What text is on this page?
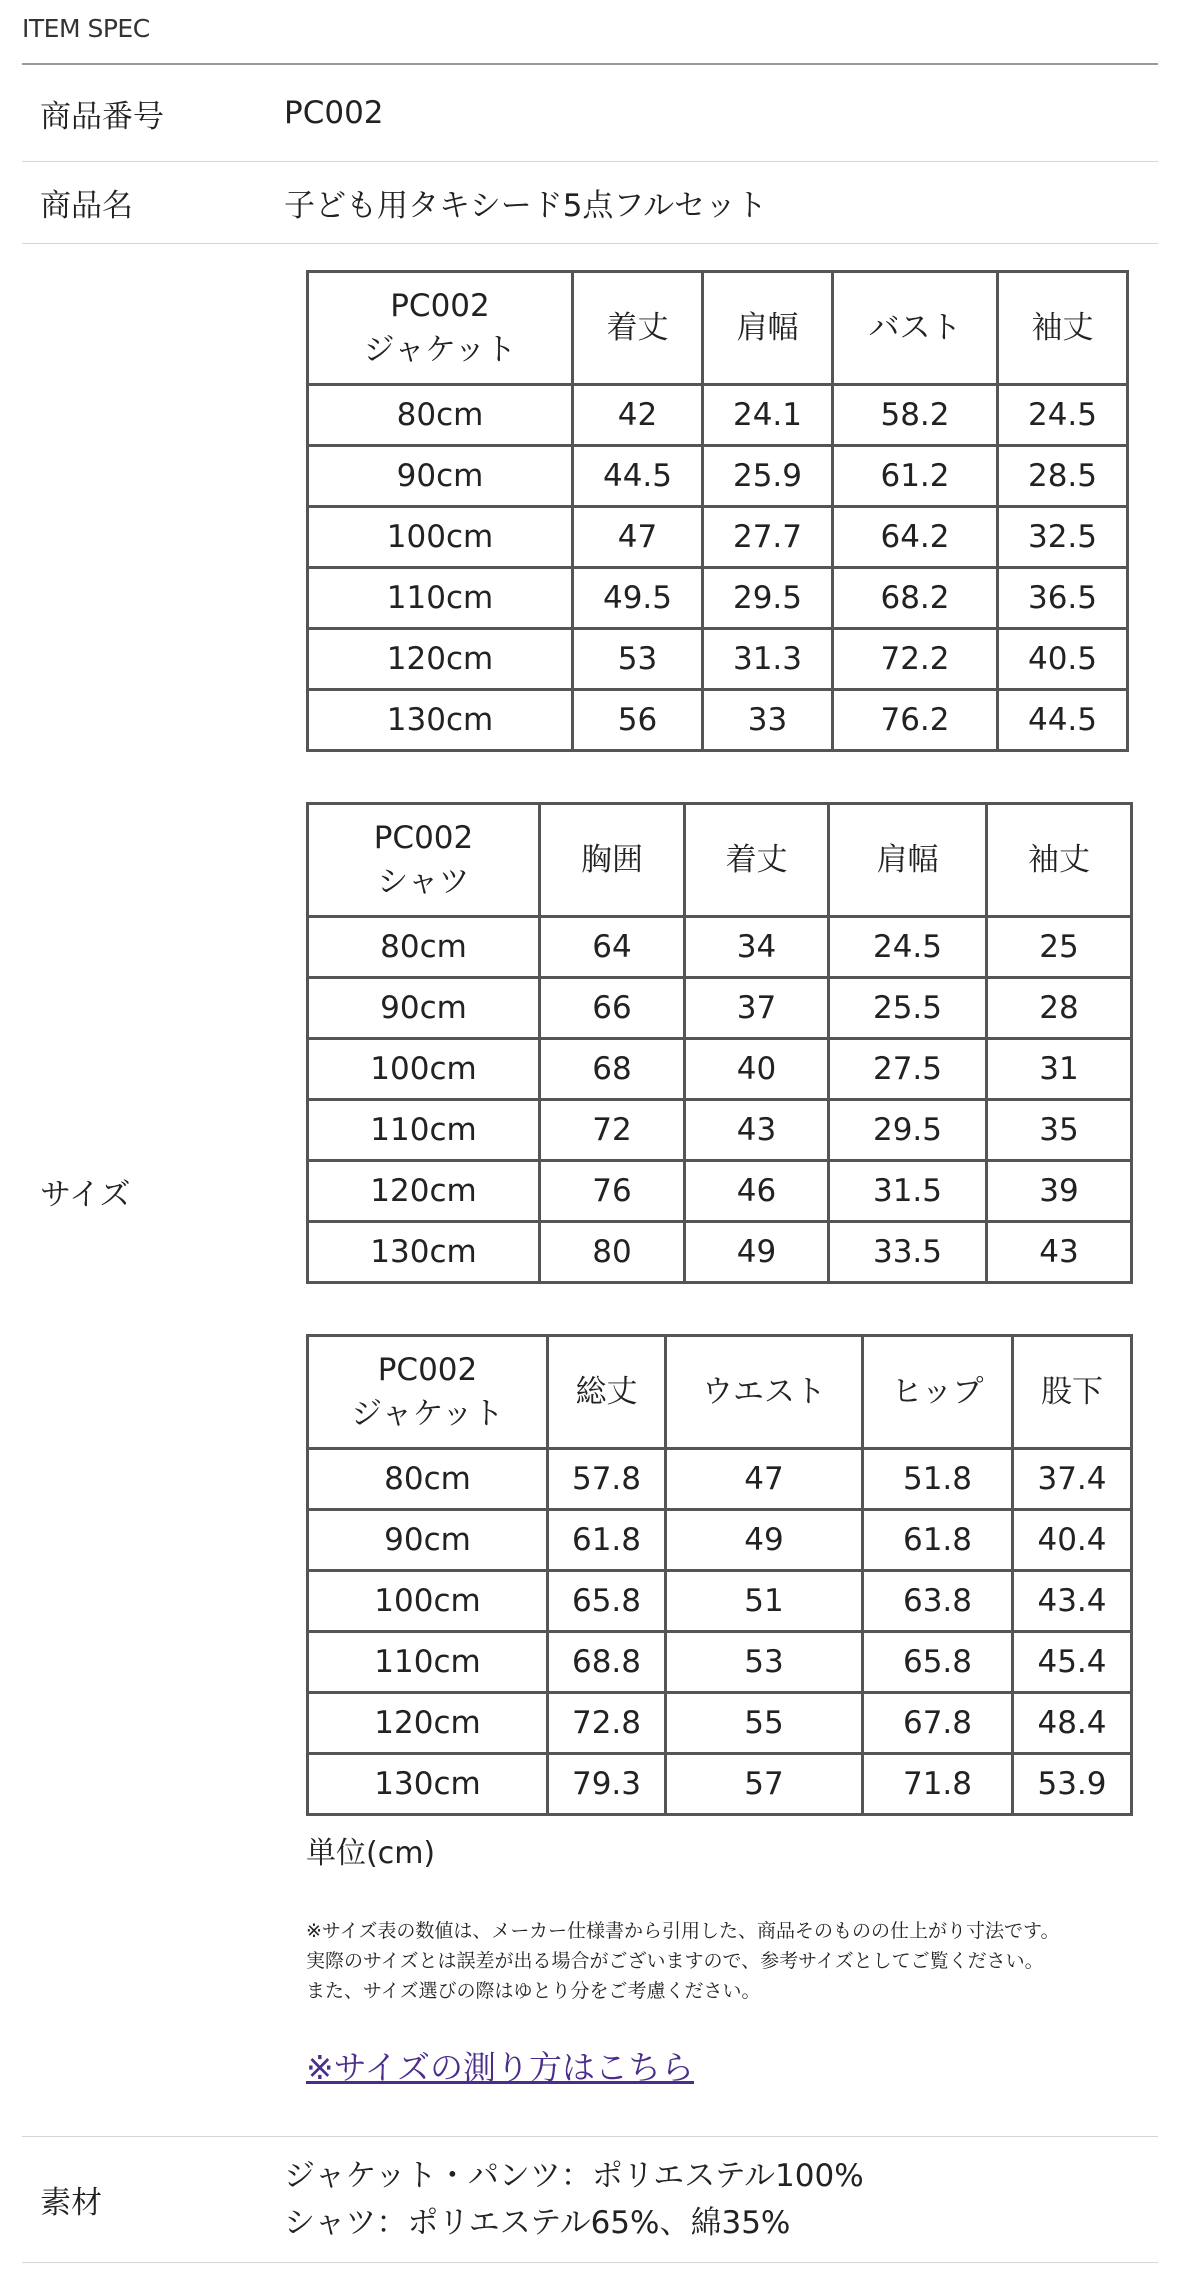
ITEM SPEC
商品番号	PC002
商品名	子ども用タキシード5点フルセット
サイズ
PC002
ジャケット	着丈	肩幅	バスト	袖丈
80cm	42	24.1	58.2	24.5
90cm	44.5	25.9	61.2	28.5
100cm	47	27.7	64.2	32.5
110cm	49.5	29.5	68.2	36.5
120cm	53	31.3	72.2	40.5
130cm	56	33	76.2	44.5
PC002
シャツ	胸囲	着丈	肩幅	袖丈
80cm	64	34	24.5	25
90cm	66	37	25.5	28
100cm	68	40	27.5	31
110cm	72	43	29.5	35
120cm	76	46	31.5	39
130cm	80	49	33.5	43
PC002
ジャケット	総丈	ウエスト	ヒップ	股下
80cm	57.8	47	51.8	37.4
90cm	61.8	49	61.8	40.4
100cm	65.8	51	63.8	43.4
110cm	68.8	53	65.8	45.4
120cm	72.8	55	67.8	48.4
130cm	79.3	57	71.8	53.9
単位(cm)
※サイズ表の数値は、メーカー仕様書から引用した、商品そのものの仕上がり寸法です。
実際のサイズとは誤差が出る場合がございますので、参考サイズとしてご覧ください。
また、サイズ選びの際はゆとり分をご考慮ください。
※サイズの測り方はこちら
素材
ジャケット・パンツ：ポリエステル100%
シャツ：ポリエステル65%、綿35%
